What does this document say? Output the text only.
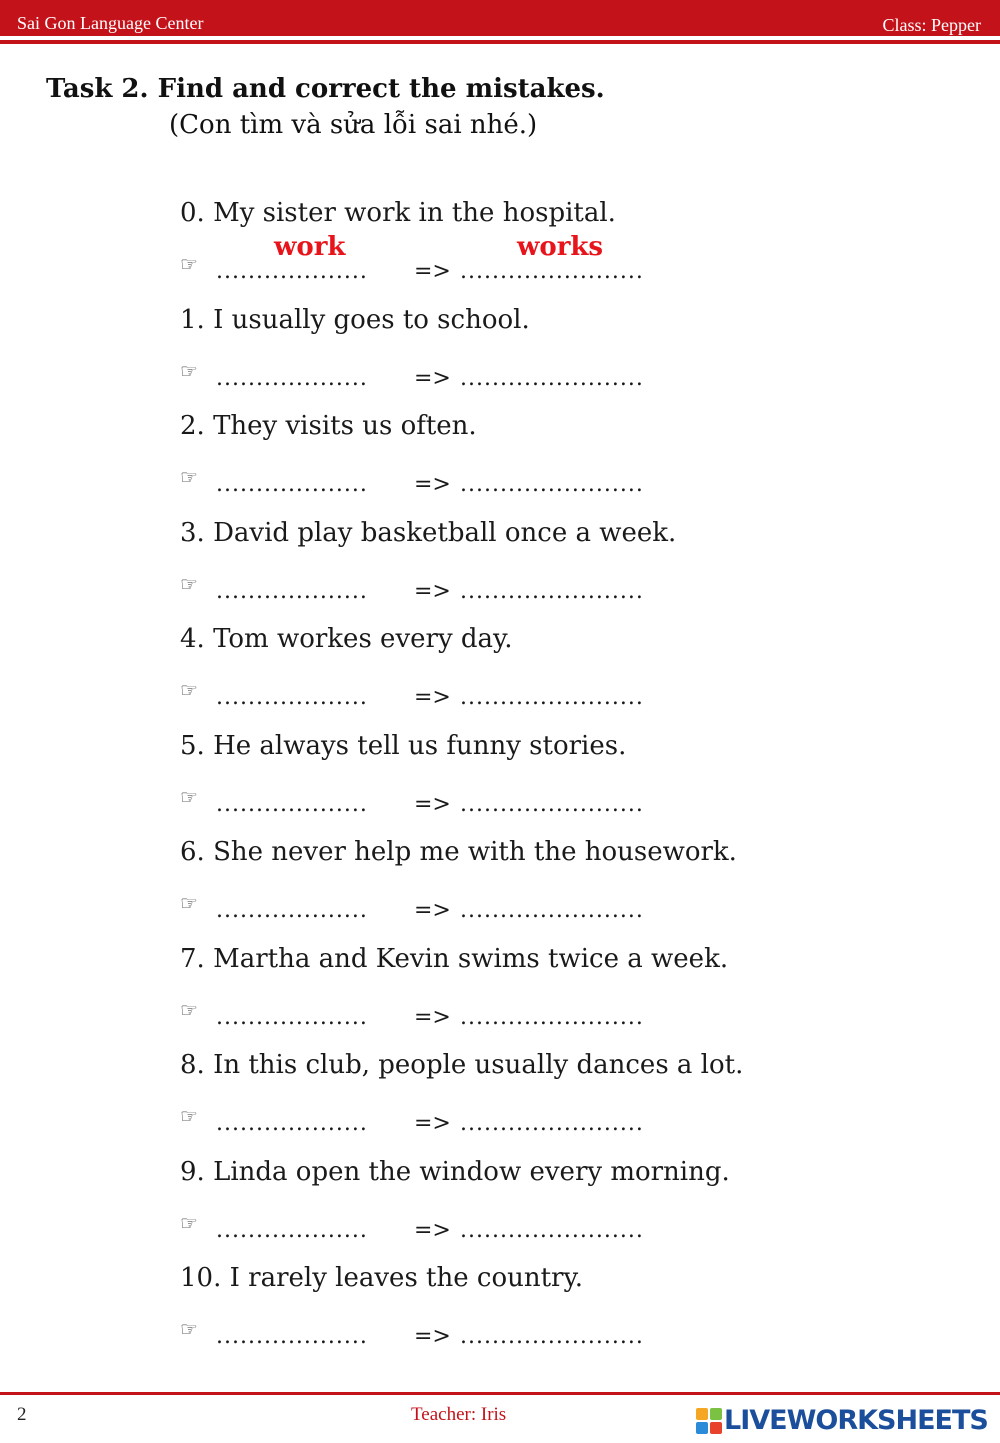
Sai Gon Language Center	Class: Pepper
Task 2. Find and correct the mistakes.
(Con tìm và sửa lỗi sai nhé.)
0. My sister work in the hospital.
☞ ................... => .......................
work	works
1. I usually goes to school.
☞ ................... => .......................
2. They visits us often.
☞ ................... => .......................
3. David play basketball once a week.
☞ ................... => .......................
4. Tom workes every day.
☞ ................... => .......................
5. He always tell us funny stories.
☞ ................... => .......................
6. She never help me with the housework.
☞ ................... => .......................
7. Martha and Kevin swims twice a week.
☞ ................... => .......................
8. In this club, people usually dances a lot.
☞ ................... => .......................
9. Linda open the window every morning.
☞ ................... => .......................
10. I rarely leaves the country.
☞ ................... => .......................
2	Teacher: Iris	LIVEWORKSHEETS
